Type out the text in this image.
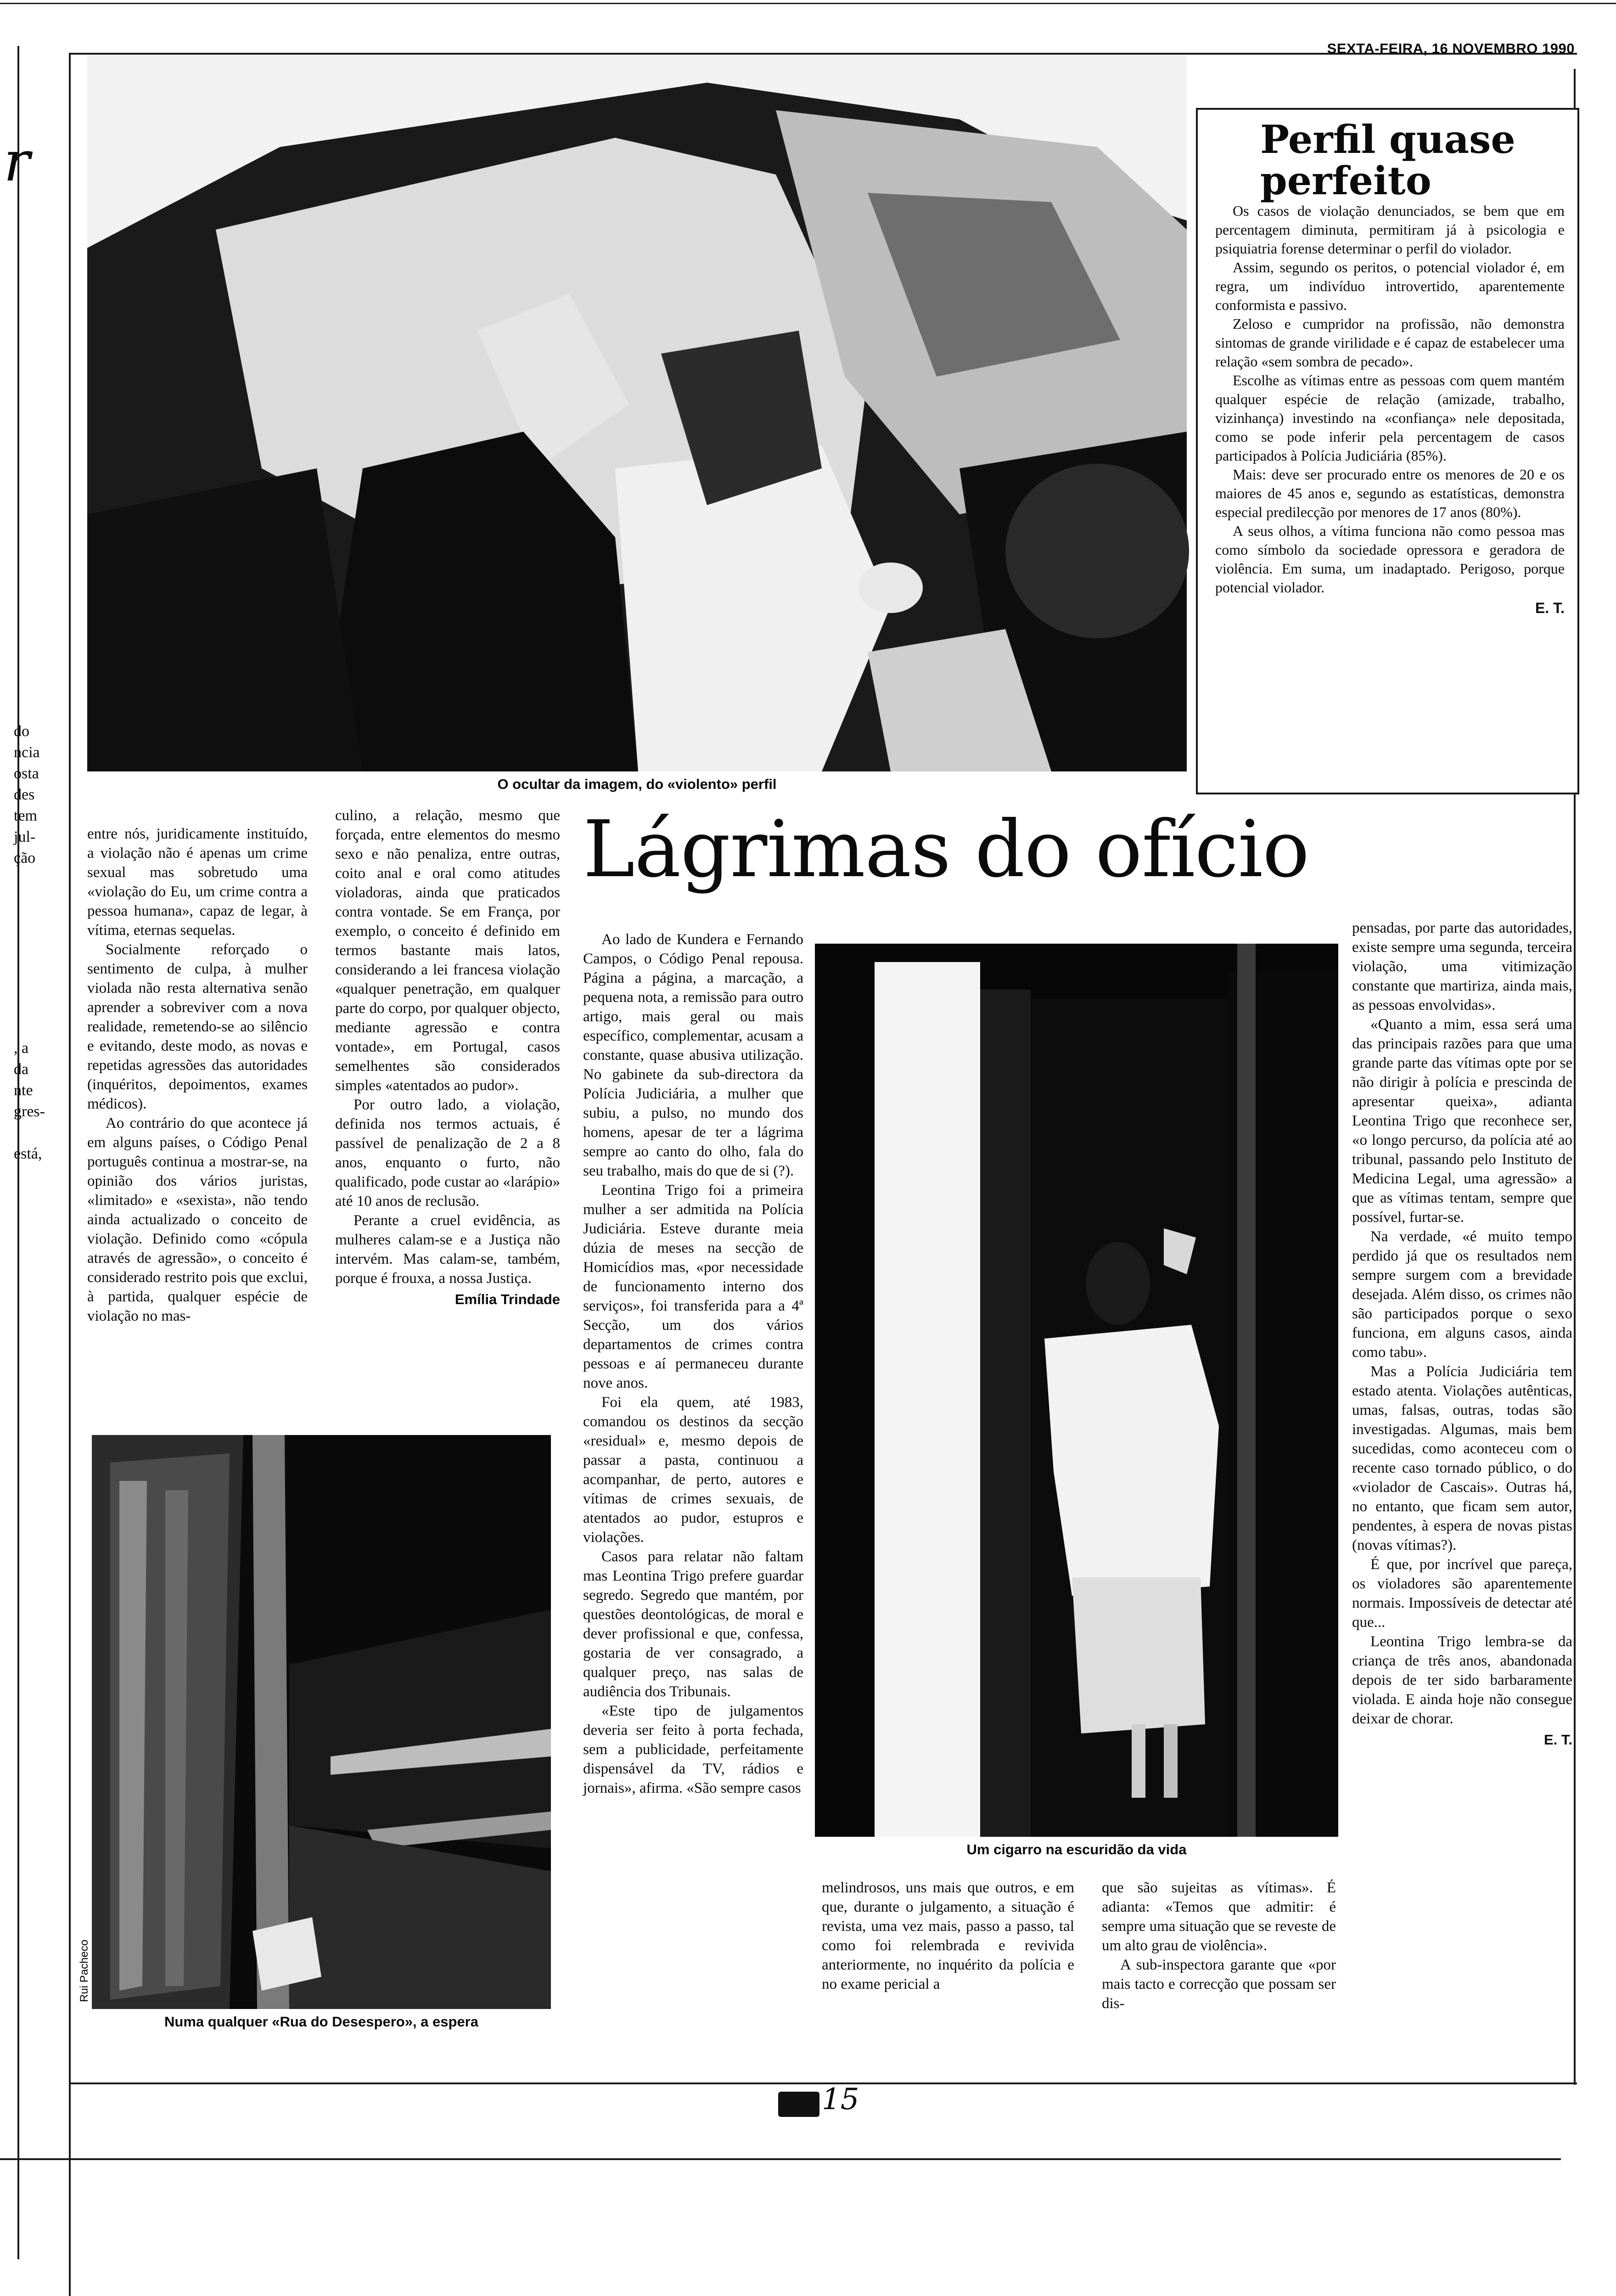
SEXTA-FEIRA, 16 NOVEMBRO 1990
r
do
ncia
osta
des
tem
jul-
ção
, a
da
nte
gres-
está,
O ocultar da imagem, do «violento» perfil
Perfil quase
perfeito

Os casos de violação denunciados, se bem que em percentagem diminuta, permitiram já à psicologia e psiquiatria forense determinar o perfil do violador.

Assim, segundo os peritos, o potencial violador é, em regra, um indivíduo introvertido, aparentemente conformista e passivo.

Zeloso e cumpridor na profissão, não demonstra sintomas de grande virilidade e é capaz de estabelecer uma relação «sem sombra de pecado».

Escolhe as vítimas entre as pessoas com quem mantém qualquer espécie de relação (amizade, trabalho, vizinhança) investindo na «confiança» nele depositada, como se pode inferir pela percentagem de casos participados à Polícia Judiciária (85%).

Mais: deve ser procurado entre os menores de 20 e os maiores de 45 anos e, segundo as estatísticas, demonstra especial predilecção por menores de 17 anos (80%).

A seus olhos, a vítima funciona não como pessoa mas como símbolo da sociedade opressora e geradora de violência. Em suma, um inadaptado. Perigoso, porque potencial violador.

E. T.
Lágrimas do ofício

entre nós, juridicamente instituído, a violação não é apenas um crime sexual mas sobretudo uma «violação do Eu, um crime contra a pessoa humana», capaz de legar, à vítima, eternas sequelas.

Socialmente reforçado o sentimento de culpa, à mulher violada não resta alternativa senão aprender a sobreviver com a nova realidade, remetendo-se ao silêncio e evitando, deste modo, as novas e repetidas agressões das autoridades (inquéritos, depoimentos, exames médicos).

Ao contrário do que acontece já em alguns países, o Código Penal português continua a mostrar-se, na opinião dos vários juristas, «limitado» e «sexista», não tendo ainda actualizado o conceito de violação. Definido como «cópula através de agressão», o conceito é considerado restrito pois que exclui, à partida, qualquer espécie de violação no mas-

culino, a relação, mesmo que forçada, entre elementos do mesmo sexo e não penaliza, entre outras, coito anal e oral como atitudes violadoras, ainda que praticados contra vontade. Se em França, por exemplo, o conceito é definido em termos bastante mais latos, considerando a lei francesa violação «qualquer penetração, em qualquer parte do corpo, por qualquer objecto, mediante agressão e contra vontade», em Portugal, casos semelhentes são considerados simples «atentados ao pudor».

Por outro lado, a violação, definida nos termos actuais, é passível de penalização de 2 a 8 anos, enquanto o furto, não qualificado, pode custar ao «larápio» até 10 anos de reclusão.

Perante a cruel evidência, as mulheres calam-se e a Justiça não intervém. Mas calam-se, também, porque é frouxa, a nossa Justiça.

Emília Trindade
Numa qualquer «Rua do Desespero», a espera
Rui Pacheco

Ao lado de Kundera e Fernando Campos, o Código Penal repousa. Página a página, a marcação, a pequena nota, a remissão para outro artigo, mais geral ou mais específico, complementar, acusam a constante, quase abusiva utilização. No gabinete da sub-directora da Polícia Judiciária, a mulher que subiu, a pulso, no mundo dos homens, apesar de ter a lágrima sempre ao canto do olho, fala do seu trabalho, mais do que de si (?).

Leontina Trigo foi a primeira mulher a ser admitida na Polícia Judiciária. Esteve durante meia dúzia de meses na secção de Homicídios mas, «por necessidade de funcionamento interno dos serviços», foi transferida para a 4ª Secção, um dos vários departamentos de crimes contra pessoas e aí permaneceu durante nove anos.

Foi ela quem, até 1983, comandou os destinos da secção «residual» e, mesmo depois de passar a pasta, continuou a acompanhar, de perto, autores e vítimas de crimes sexuais, de atentados ao pudor, estupros e violações.

Casos para relatar não faltam mas Leontina Trigo prefere guardar segredo. Segredo que mantém, por questões deontológicas, de moral e dever profissional e que, confessa, gostaria de ver consagrado, a qualquer preço, nas salas de audiência dos Tribunais.

«Este tipo de julgamentos deveria ser feito à porta fechada, sem a publicidade, perfeitamente dispensável da TV, rádios e jornais», afirma. «São sempre casos

Um cigarro na escuridão da vida

melindrosos, uns mais que outros, e em que, durante o julgamento, a situação é revista, uma vez mais, passo a passo, tal como foi relembrada e revivida anteriormente, no inquérito da polícia e no exame pericial a

que são sujeitas as vítimas». É adianta: «Temos que admitir: é sempre uma situação que se reveste de um alto grau de violência».

A sub-inspectora garante que «por mais tacto e correcção que possam ser dis-

pensadas, por parte das autoridades, existe sempre uma segunda, terceira violação, uma vitimização constante que martiriza, ainda mais, as pessoas envolvidas».

«Quanto a mim, essa será uma das principais razões para que uma grande parte das vítimas opte por se não dirigir à polícia e prescinda de apresentar queixa», adianta Leontina Trigo que reconhece ser, «o longo percurso, da polícia até ao tribunal, passando pelo Instituto de Medicina Legal, uma agressão» a que as vítimas tentam, sempre que possível, furtar-se.

Na verdade, «é muito tempo perdido já que os resultados nem sempre surgem com a brevidade desejada. Além disso, os crimes não são participados porque o sexo funciona, em alguns casos, ainda como tabu».

Mas a Polícia Judiciária tem estado atenta. Violações autênticas, umas, falsas, outras, todas são investigadas. Algumas, mais bem sucedidas, como aconteceu com o recente caso tornado público, o do «violador de Cascais». Outras há, no entanto, que ficam sem autor, pendentes, à espera de novas pistas (novas vítimas?).

É que, por incrível que pareça, os violadores são aparentemente normais. Impossíveis de detectar até que...

Leontina Trigo lembra-se da criança de três anos, abandonada depois de ter sido barbaramente violada. E ainda hoje não consegue deixar de chorar.

E. T.
15
